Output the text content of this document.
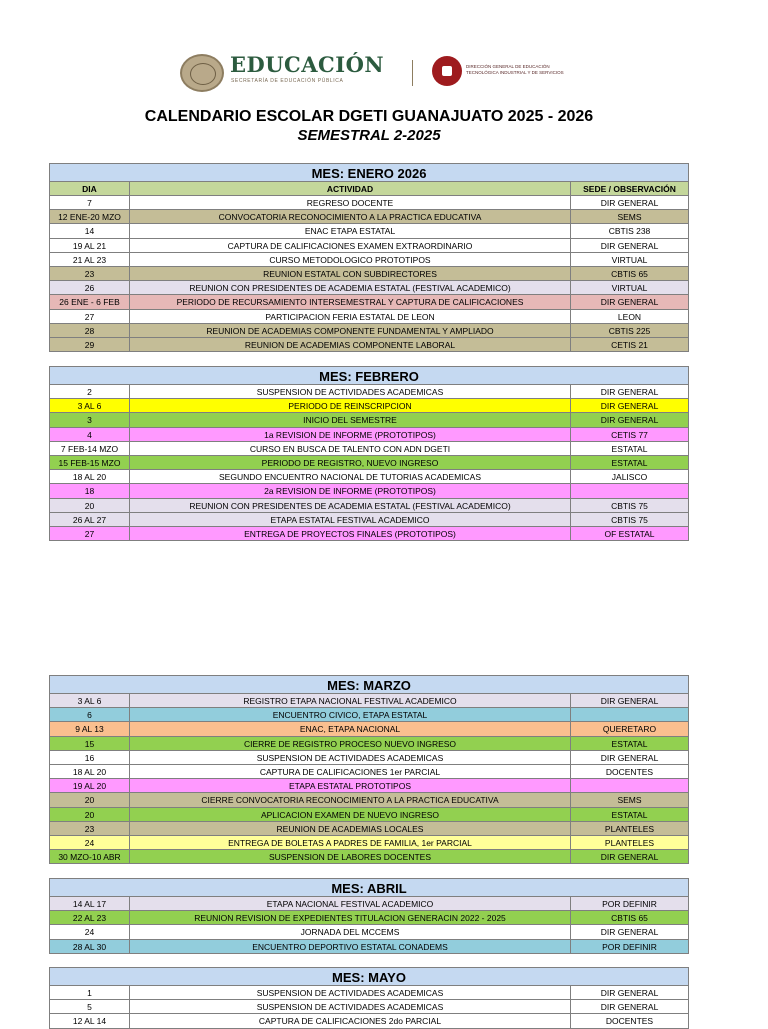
EDUCACIÓN
SECRETARÍA DE EDUCACIÓN PÚBLICA
DIRECCIÓN GENERAL DE EDUCACIÓN TECNOLÓGICA INDUSTRIAL Y DE SERVICIOS
CALENDARIO ESCOLAR DGETI GUANAJUATO 2025 - 2026
SEMESTRAL 2-2025
MES: ENERO 2026
DIA	ACTIVIDAD	SEDE / OBSERVACIÓN
7	REGRESO DOCENTE	DIR GENERAL
12 ENE-20 MZO	CONVOCATORIA RECONOCIMIENTO A LA PRACTICA EDUCATIVA	SEMS
14	ENAC ETAPA ESTATAL	CBTIS 238
19 AL 21	CAPTURA DE CALIFICACIONES EXAMEN EXTRAORDINARIO	DIR GENERAL
21 AL 23	CURSO METODOLOGICO PROTOTIPOS	VIRTUAL
23	REUNION ESTATAL CON SUBDIRECTORES	CBTIS 65
26	REUNION CON PRESIDENTES DE ACADEMIA ESTATAL (FESTIVAL ACADEMICO)	VIRTUAL
26 ENE - 6 FEB	PERIODO DE RECURSAMIENTO INTERSEMESTRAL Y CAPTURA DE CALIFICACIONES	DIR GENERAL
27	PARTICIPACION FERIA ESTATAL DE LEON	LEON
28	REUNION DE ACADEMIAS COMPONENTE FUNDAMENTAL Y AMPLIADO	CBTIS 225
29	REUNION DE ACADEMIAS COMPONENTE LABORAL	CETIS 21
MES: FEBRERO
2	SUSPENSION DE ACTIVIDADES ACADEMICAS	DIR GENERAL
3 AL 6	PERIODO DE REINSCRIPCION	DIR GENERAL
3	INICIO DEL SEMESTRE	DIR GENERAL
4	1a REVISION DE INFORME (PROTOTIPOS)	CETIS 77
7 FEB-14 MZO	CURSO EN BUSCA DE TALENTO CON ADN DGETI	ESTATAL
15 FEB-15 MZO	PERIODO DE REGISTRO, NUEVO INGRESO	ESTATAL
18 AL 20	SEGUNDO ENCUENTRO NACIONAL DE TUTORIAS ACADEMICAS	JALISCO
18	2a REVISION DE INFORME (PROTOTIPOS)
20	REUNION CON PRESIDENTES DE ACADEMIA ESTATAL (FESTIVAL ACADEMICO)	CBTIS 75
26 AL 27	ETAPA ESTATAL FESTIVAL ACADEMICO	CBTIS 75
27	ENTREGA DE PROYECTOS FINALES (PROTOTIPOS)	OF ESTATAL
MES: MARZO
3 AL 6	REGISTRO ETAPA NACIONAL FESTIVAL ACADEMICO	DIR GENERAL
6	ENCUENTRO CIVICO, ETAPA ESTATAL
9 AL 13	ENAC, ETAPA NACIONAL	QUERETARO
15	CIERRE DE REGISTRO PROCESO NUEVO INGRESO	ESTATAL
16	SUSPENSION DE ACTIVIDADES ACADEMICAS	DIR GENERAL
18 AL 20	CAPTURA DE CALIFICACIONES 1er PARCIAL	DOCENTES
19 AL 20	ETAPA ESTATAL PROTOTIPOS
20	CIERRE CONVOCATORIA RECONOCIMIENTO A LA PRACTICA EDUCATIVA	SEMS
20	APLICACION EXAMEN DE NUEVO INGRESO	ESTATAL
23	REUNION DE ACADEMIAS LOCALES	PLANTELES
24	ENTREGA DE BOLETAS A PADRES DE FAMILIA, 1er PARCIAL	PLANTELES
30 MZO-10 ABR	SUSPENSION DE LABORES DOCENTES	DIR GENERAL
MES: ABRIL
14 AL 17	ETAPA NACIONAL FESTIVAL ACADEMICO	POR DEFINIR
22 AL 23	REUNION REVISION DE EXPEDIENTES TITULACION GENERACIN 2022 - 2025	CBTIS 65
24	JORNADA DEL MCCEMS	DIR GENERAL
28 AL 30	ENCUENTRO DEPORTIVO ESTATAL CONADEMS	POR DEFINIR
MES: MAYO
1	SUSPENSION DE ACTIVIDADES ACADEMICAS	DIR GENERAL
5	SUSPENSION DE ACTIVIDADES ACADEMICAS	DIR GENERAL
12 AL 14	CAPTURA DE CALIFICACIONES 2do PARCIAL	DOCENTES
